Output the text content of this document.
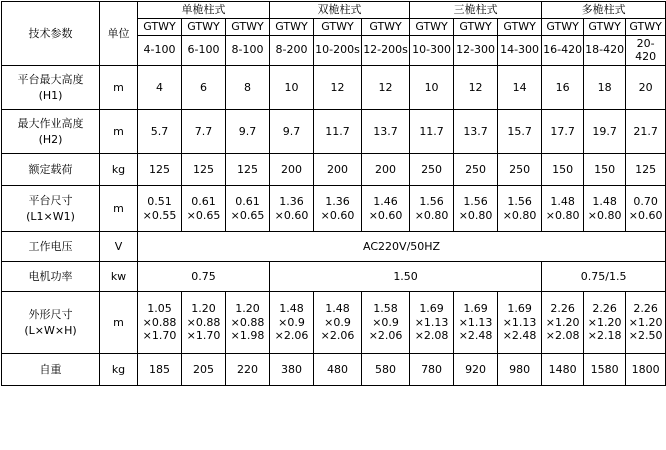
技术参数	单位	单桅柱式			双桅柱式			三桅柱式			多桅柱式		
		GTWY	GTWY	GTWY	GTWY	GTWY	GTWY	GTWY	GTWY	GTWY	GTWY	GTWY	GTWY
		4-100	6-100	8-100	8-200	10-200s	12-200s	10-300	12-300	14-300	16-420	18-420	20-420

平台最大高度
(H1)	m	4	6	8	10	12	12	10	12	14	16	18	20

最大作业高度
(H2)	m	5.7	7.7	9.7	9.7	11.7	13.7	11.7	13.7	15.7	17.7	19.7	21.7
额定载荷	kg	125	125	125	200	200	200	250	250	250	150	150	125

平台尺寸
(L1×W1)	m	0.51
×0.55	0.61
×0.65	0.61
×0.65	1.36
×0.60	1.36
×0.60	1.46
×0.60	1.56
×0.80	1.56
×0.80	1.56
×0.80	1.48
×0.80	1.48
×0.80	0.70
×0.60

工作电压	V	AC220V/50HZ											
电机功率	kw	0.75			1.50						0.75/1.5		

外形尺寸
(L×W×H)	m	1.05
×0.88
×1.70	1.20
×0.88
×1.70	1.20
×0.88
×1.98	1.48
×0.9
×2.06	1.48
×0.9
×2.06	1.58
×0.9
×2.06	1.69
×1.13
×2.08	1.69
×1.13
×2.48	1.69
×1.13
×2.48	2.26
×1.20
×2.08	2.26
×1.20
×2.18	2.26
×1.20
×2.50

自重	kg	185	205	220	380	480	580	780	920	980	1480	1580	1800
